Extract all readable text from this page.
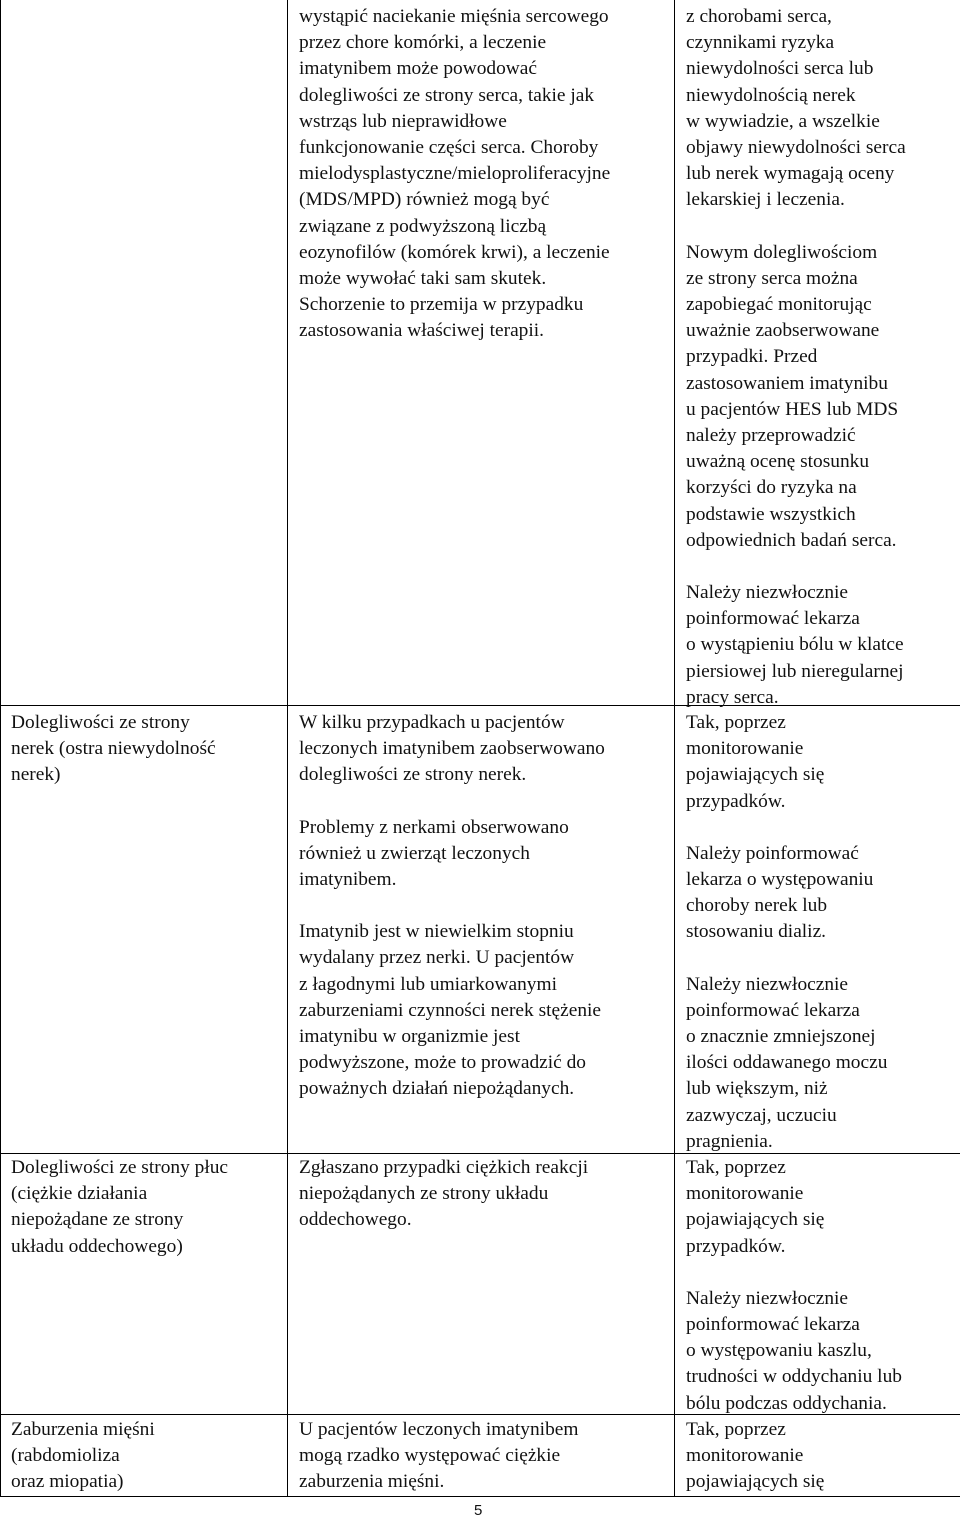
wystąpić naciekanie mięśnia sercowego

przez chore komórki, a leczenie

imatynibem może powodować

dolegliwości ze strony serca, takie jak

wstrząs lub nieprawidłowe

funkcjonowanie części serca. Choroby

mielodysplastyczne/mieloproliferacyjne

(MDS/MPD) również mogą być

związane z podwyższoną liczbą

eozynofilów (komórek krwi), a leczenie

może wywołać taki sam skutek.

Schorzenie to przemija w przypadku

zastosowania właściwej terapii.

z chorobami serca,

czynnikami ryzyka

niewydolności serca lub

niewydolnością nerek

w wywiadzie, a wszelkie

objawy niewydolności serca

lub nerek wymagają oceny

lekarskiej i leczenia.

Nowym dolegliwościom

ze strony serca można

zapobiegać monitorując

uważnie zaobserwowane

przypadki. Przed

zastosowaniem imatynibu

u pacjentów HES lub MDS

należy przeprowadzić

uważną ocenę stosunku

korzyści do ryzyka na

podstawie wszystkich

odpowiednich badań serca.

Należy niezwłocznie

poinformować lekarza

o wystąpieniu bólu w klatce

piersiowej lub nieregularnej

pracy serca.

Dolegliwości ze strony

nerek (ostra niewydolność

nerek)

W kilku przypadkach u pacjentów

leczonych imatynibem zaobserwowano

dolegliwości ze strony nerek.

Problemy z nerkami obserwowano

również u zwierząt leczonych

imatynibem.

Imatynib jest w niewielkim stopniu

wydalany przez nerki. U pacjentów

z łagodnymi lub umiarkowanymi

zaburzeniami czynności nerek stężenie

imatynibu w organizmie jest

podwyższone, może to prowadzić do

poważnych działań niepożądanych.

Tak, poprzez

monitorowanie

pojawiających się

przypadków.

Należy poinformować

lekarza o występowaniu

choroby nerek lub

stosowaniu dializ.

Należy niezwłocznie

poinformować lekarza

o znacznie zmniejszonej

ilości oddawanego moczu

lub większym, niż

zazwyczaj, uczuciu

pragnienia.

Dolegliwości ze strony płuc

(ciężkie działania

niepożądane ze strony

układu oddechowego)

Zgłaszano przypadki ciężkich reakcji

niepożądanych ze strony układu

oddechowego.

Tak, poprzez

monitorowanie

pojawiających się

przypadków.

Należy niezwłocznie

poinformować lekarza

o występowaniu kaszlu,

trudności w oddychaniu lub

bólu podczas oddychania.

Zaburzenia mięśni

(rabdomioliza

oraz miopatia)

U pacjentów leczonych imatynibem

mogą rzadko występować ciężkie

zaburzenia mięśni.

Tak, poprzez

monitorowanie

pojawiających się

5
